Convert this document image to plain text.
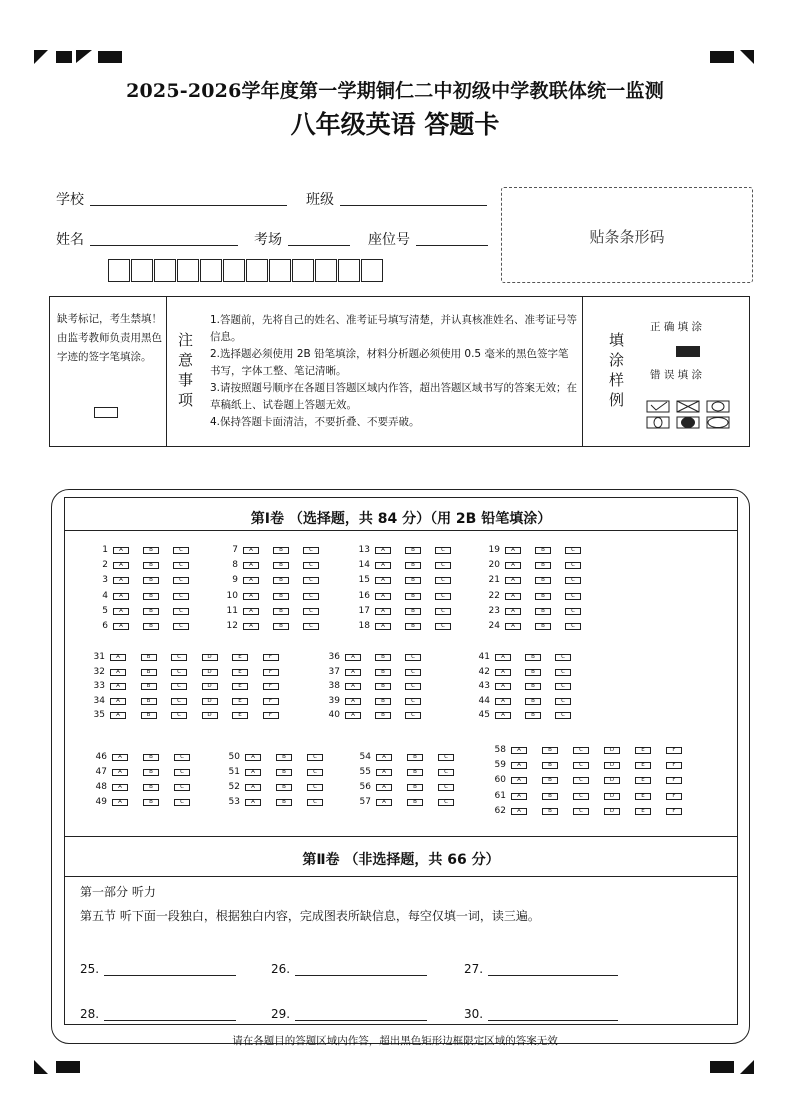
2025-2026学年度第一学期铜仁二中初级中学教联体统一监测
八年级英语 答题卡
学校	班级
姓名	考场	座位号	贴条条形码
缺考标记，考生禁填！由监考教师负责用黑色字迹的签字笔填涂。
注意事项
1.答题前，先将自己的姓名、准考证号填写清楚，并认真核准姓名、准考证号等信息。
2.选择题必须使用 2B 铅笔填涂，材料分析题必须使用 0.5 毫米的黑色签字笔书写，字体工整、笔记清晰。
3.请按照题号顺序在各题目答题区域内作答，超出答题区域书写的答案无效；在草稿纸上、试卷题上答题无效。
4.保持答题卡面清洁，不要折叠、不要弄破。
填涂样例
正 确 填 涂
错 误 填 涂
第Ⅰ卷 （选择题，共 84 分）（用 2B 铅笔填涂）
1	A	B	C
2	A	B	C
3	A	B	C
4	A	B	C
5	A	B	C
6	A	B	C
7	A	B	C
8	A	B	C
9	A	B	C
10	A	B	C
11	A	B	C
12	A	B	C
13	A	B	C
14	A	B	C
15	A	B	C
16	A	B	C
17	A	B	C
18	A	B	C
19	A	B	C
20	A	B	C
21	A	B	C
22	A	B	C
23	A	B	C
24	A	B	C
31	A	B	C	D	E	F
32	A	B	C	D	E	F
33	A	B	C	D	E	F
34	A	B	C	D	E	F
35	A	B	C	D	E	F
36	A	B	C
37	A	B	C
38	A	B	C
39	A	B	C
40	A	B	C
41	A	B	C
42	A	B	C
43	A	B	C
44	A	B	C
45	A	B	C
46	A	B	C
47	A	B	C
48	A	B	C
49	A	B	C
50	A	B	C
51	A	B	C
52	A	B	C
53	A	B	C
54	A	B	C
55	A	B	C
56	A	B	C
57	A	B	C
58	A	B	C	D	E	F
59	A	B	C	D	E	F
60	A	B	C	D	E	F
61	A	B	C	D	E	F
62	A	B	C	D	E	F
第Ⅱ卷 （非选择题，共 66 分）
第一部分 听力
第五节 听下面一段独白，根据独白内容，完成图表所缺信息，每空仅填一词，读三遍。
25.	26.	27.
28.	29.	30.
请在各题目的答题区域内作答，超出黑色矩形边框限定区域的答案无效
